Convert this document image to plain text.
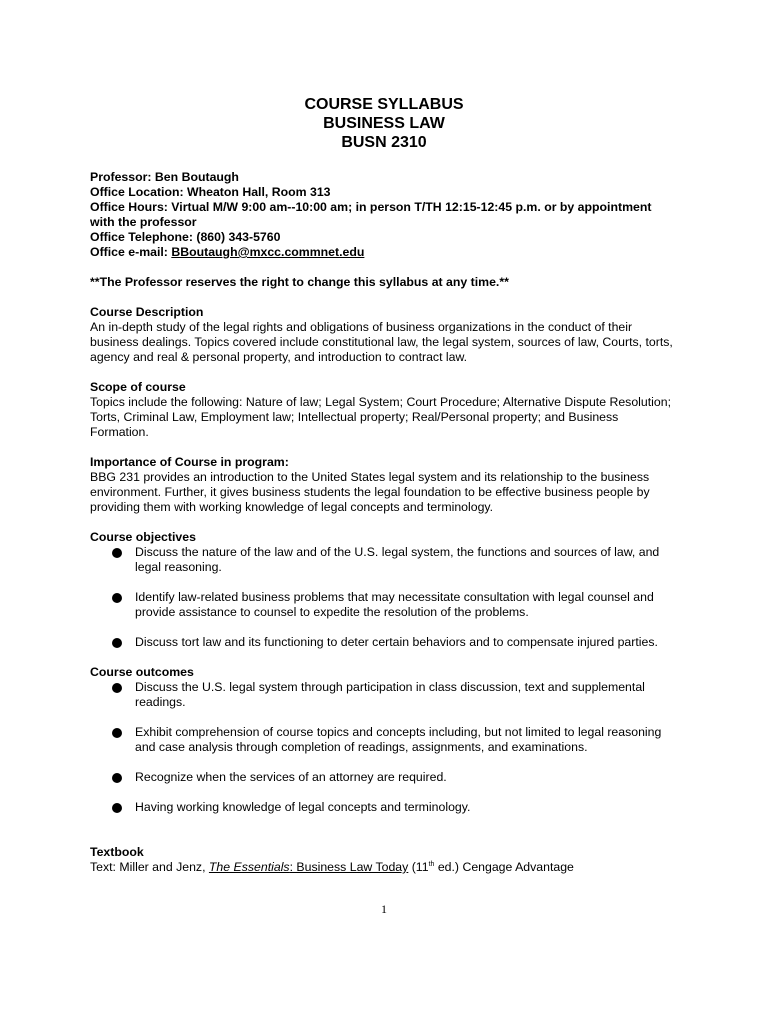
COURSE SYLLABUS
BUSINESS LAW
BUSN 2310
Professor: Ben Boutaugh
Office Location: Wheaton Hall, Room 313
Office Hours: Virtual M/W 9:00 am--10:00 am; in person T/TH 12:15-12:45 p.m. or by appointment
with the professor
Office Telephone: (860) 343-5760
Office e-mail: BBoutaugh@mxcc.commnet.edu
**The Professor reserves the right to change this syllabus at any time.**
Course Description
An in-depth study of the legal rights and obligations of business organizations in the conduct of their business dealings. Topics covered include constitutional law, the legal system, sources of law, Courts, torts, agency and real & personal property, and introduction to contract law.
Scope of course
Topics include the following: Nature of law; Legal System; Court Procedure; Alternative Dispute Resolution; Torts, Criminal Law, Employment law; Intellectual property; Real/Personal property; and Business Formation.
Importance of Course in program:
BBG 231 provides an introduction to the United States legal system and its relationship to the business environment. Further, it gives business students the legal foundation to be effective business people by providing them with working knowledge of legal concepts and terminology.
Course objectives
Discuss the nature of the law and of the U.S. legal system, the functions and sources of law, and legal reasoning.
Identify law-related business problems that may necessitate consultation with legal counsel and provide assistance to counsel to expedite the resolution of the problems.
Discuss tort law and its functioning to deter certain behaviors and to compensate injured parties.
Course outcomes
Discuss the U.S. legal system through participation in class discussion, text and supplemental readings.
Exhibit comprehension of course topics and concepts including, but not limited to legal reasoning and case analysis through completion of readings, assignments, and examinations.
Recognize when the services of an attorney are required.
Having working knowledge of legal concepts and terminology.
Textbook
Text: Miller and Jenz, The Essentials: Business Law Today (11th ed.) Cengage Advantage
1
